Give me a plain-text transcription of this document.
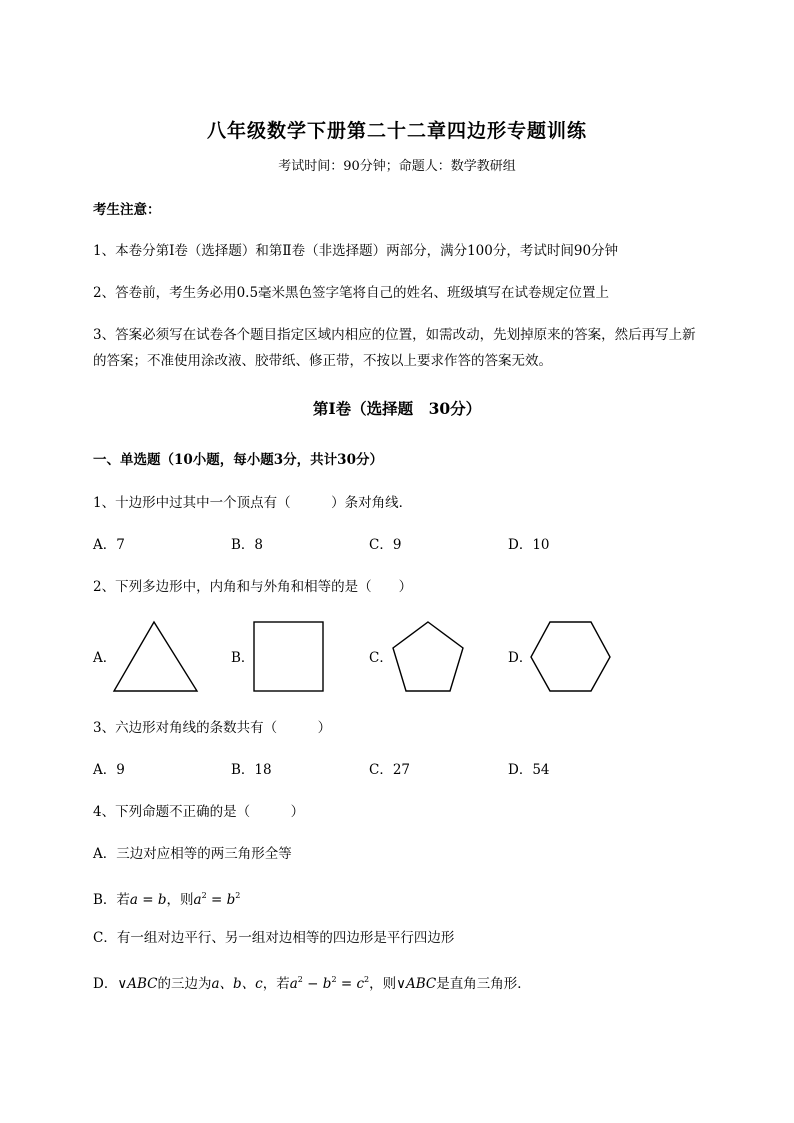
八年级数学下册第二十二章四边形专题训练
考试时间：90分钟；命题人：数学教研组
考生注意：
1、本卷分第I卷（选择题）和第Ⅱ卷（非选择题）两部分，满分100分，考试时间90分钟
2、答卷前，考生务必用0.5毫米黑色签字笔将自己的姓名、班级填写在试卷规定位置上
3、答案必须写在试卷各个题目指定区域内相应的位置，如需改动，先划掉原来的答案，然后再写上新
的答案；不准使用涂改液、胶带纸、修正带，不按以上要求作答的答案无效。
第I卷（选择题　30分）
一、单选题（10小题，每小题3分，共计30分）
1、十边形中过其中一个顶点有（　　　）条对角线．
A．7	B．8	C．9	D．10
2、下列多边形中，内角和与外角和相等的是（　　）
A．	B．	C．	D．
3、六边形对角线的条数共有（　　　）
A．9	B．18	C．27	D．54
4、下列命题不正确的是（　　　）
A．三边对应相等的两三角形全等
B．若a = b，则$a^2 = b^2$
C．有一组对边平行、另一组对边相等的四边形是平行四边形
D．∨ABC的三边为a、b、c，若$a^2 - b^2 = c^2$，则∨ABC是直角三角形．
